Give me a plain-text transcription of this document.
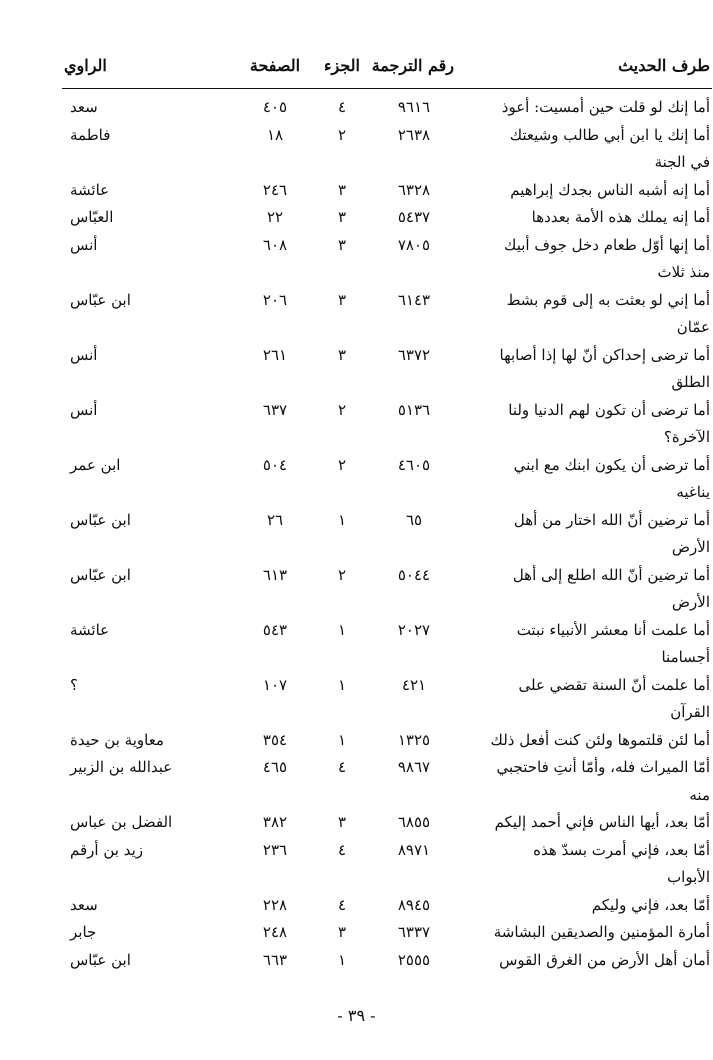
طرف الحديث
رقم الترجمة
الجزء
الصفحة
الراوي
أما إنك لو قلت حين أمسيت: أعوذ
٩٦١٦
٤
٤٠٥
سعد
أما إنك يا ابن أبي طالب وشيعتك في الجنة
٢٦٣٨
٢
١٨
فاطمة
أما إنه أشبه الناس بجدك إبراهيم
٦٣٢٨
٣
٢٤٦
عائشة
أما إنه يملك هذه الأمة بعددها
٥٤٣٧
٣
٢٢
العبّاس
أما إنها أوّل طعام دخل جوف أبيك منذ ثلاث
٧٨٠٥
٣
٦٠٨
أنس
أما إني لو بعثت به إلى قوم بشط عمّان
٦١٤٣
٣
٢٠٦
ابن عبّاس
أما ترضى إحداكن أنّ لها إذا أصابها الطلق
٦٣٧٢
٣
٢٦١
أنس
أما ترضى أن تكون لهم الدنيا ولنا الآخرة؟
٥١٣٦
٢
٦٣٧
أنس
أما ترضى أن يكون ابنك مع ابني يناغيه
٤٦٠٥
٢
٥٠٤
ابن عمر
أما ترضين أنّ الله اختار من أهل الأرض
٦٥
١
٢٦
ابن عبّاس
أما ترضين أنّ الله اطلع إلى أهل الأرض
٥٠٤٤
٢
٦١٣
ابن عبّاس
أما علمت أنا معشر الأنبياء نبتت أجسامنا
٢٠٢٧
١
٥٤٣
عائشة
أما علمت أنّ السنة تقضي على القرآن
٤٢١
١
١٠٧
؟
أما لئن قلتموها ولئن كنت أفعل ذلك
١٣٢٥
١
٣٥٤
معاوية بن حيدة
أمّا الميراث فله، وأمّا أنتِ فاحتجبي منه
٩٨٦٧
٤
٤٦٥
عبدالله بن الزبير
أمّا بعد، أيها الناس فإني أحمد إليكم
٦٨٥٥
٣
٣٨٢
الفضل بن عباس
أمّا بعد، فإني أمرت بسدّ هذه الأبواب
٨٩٧١
٤
٢٣٦
زيد بن أرقم
أمّا بعد، فإني وليكم
٨٩٤٥
٤
٢٢٨
سعد
أمارة المؤمنين والصديقين البشاشة
٦٣٣٧
٣
٢٤٨
جابر
أمان أهل الأرض من الغرق القوس
٢٥٥٥
١
٦٦٣
ابن عبّاس
- ٣٩ -
